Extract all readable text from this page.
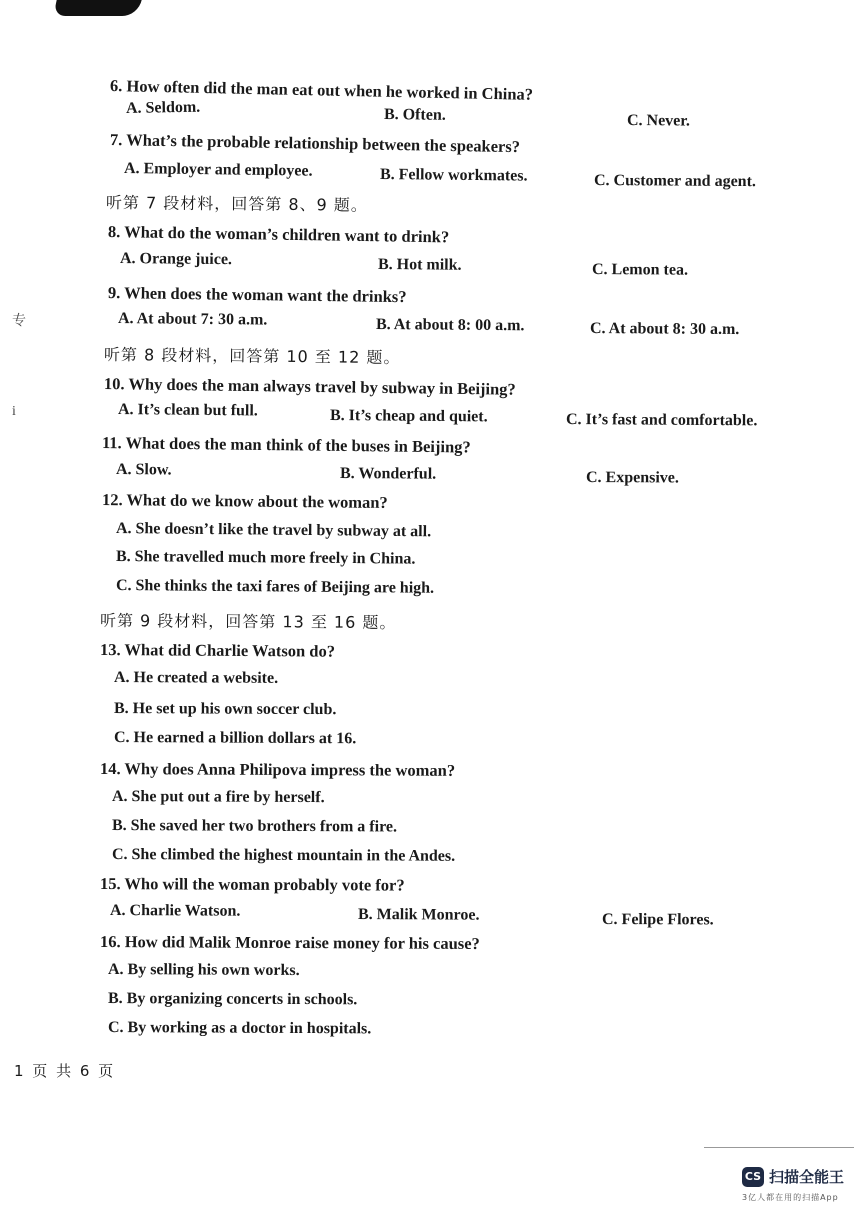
专
i
6. How often did the man eat out when he worked in China?
A. Seldom.	B. Often.	C. Never.
7. What’s the probable relationship between the speakers?
A. Employer and employee.	B. Fellow workmates.	C. Customer and agent.
听第 7 段材料，回答第 8、9 题。
8. What do the woman’s children want to drink?
A. Orange juice.	B. Hot milk.	C. Lemon tea.
9. When does the woman want the drinks?
A. At about 7: 30 a.m.	B. At about 8: 00 a.m.	C. At about 8: 30 a.m.
听第 8 段材料，回答第 10 至 12 题。
10. Why does the man always travel by subway in Beijing?
A. It’s clean but full.	B. It’s cheap and quiet.	C. It’s fast and comfortable.
11. What does the man think of the buses in Beijing?
A. Slow.	B. Wonderful.	C. Expensive.
12. What do we know about the woman?
A. She doesn’t like the travel by subway at all.
B. She travelled much more freely in China.
C. She thinks the taxi fares of Beijing are high.
听第 9 段材料，回答第 13 至 16 题。
13. What did Charlie Watson do?
A. He created a website.
B. He set up his own soccer club.
C. He earned a billion dollars at 16.
14. Why does Anna Philipova impress the woman?
A. She put out a fire by herself.
B. She saved her two brothers from a fire.
C. She climbed the highest mountain in the Andes.
15. Who will the woman probably vote for?
A. Charlie Watson.	B. Malik Monroe.	C. Felipe Flores.
16. How did Malik Monroe raise money for his cause?
A. By selling his own works.
B. By organizing concerts in schools.
C. By working as a doctor in hospitals.
1 页 共 6 页
CS 扫描全能王
3亿人都在用的扫描App
